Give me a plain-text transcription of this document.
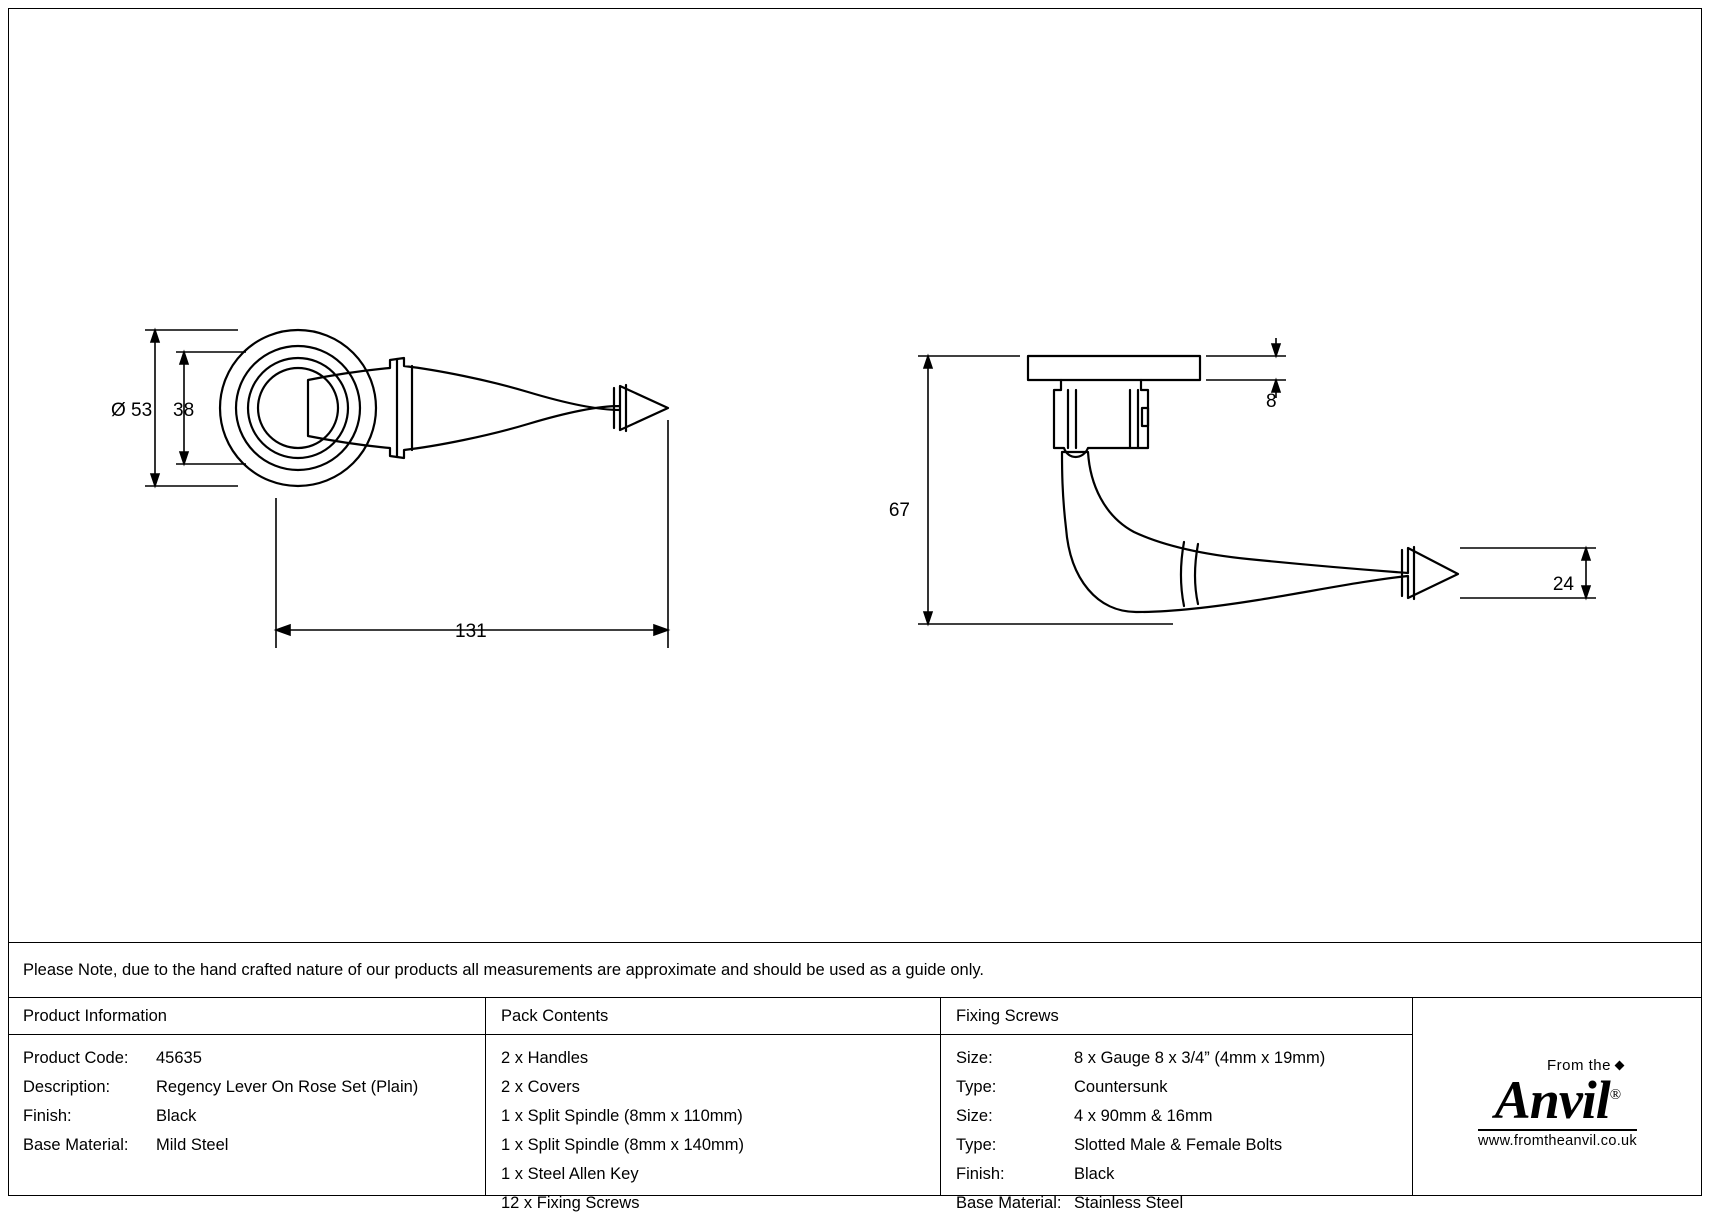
Ø 53 38
131
8
67
24
Please Note, due to the hand crafted nature of our products all measurements are approximate and should be used as a guide only.
Product Information
Product Code:	45635
Description:	Regency Lever On Rose Set (Plain)
Finish:	Black
Base Material:	Mild Steel
Pack Contents
2 x Handles
2 x Covers
1 x Split Spindle (8mm x 110mm)
1 x Split Spindle (8mm x 140mm)
1 x Steel Allen Key
12 x Fixing Screws
Fixing Screws
Size:	8 x Gauge 8 x 3/4” (4mm x 19mm)
Type:	Countersunk
Size:	4 x 90mm & 16mm
Type:	Slotted Male & Female Bolts
Finish:	Black
Base Material: Stainless Steel
From the
Anvil®
www.fromtheanvil.co.uk
